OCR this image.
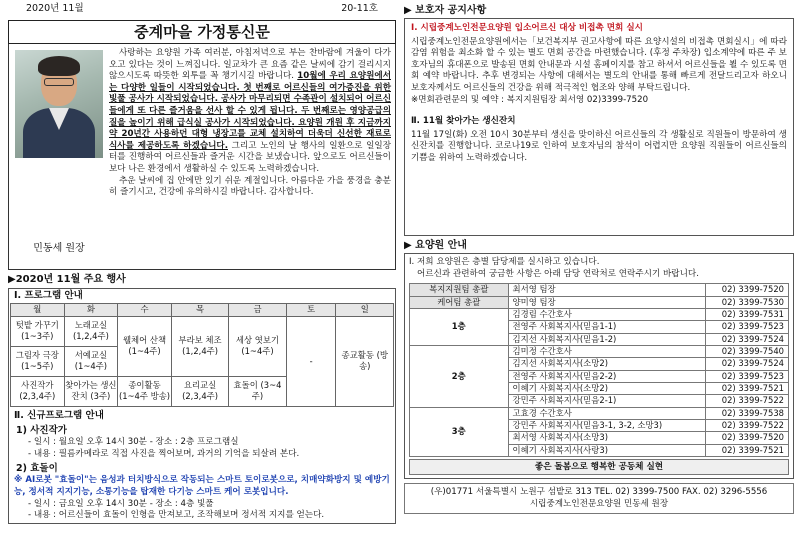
2020년 11월	20-11호
중계마을 가정통신문
민동세 원장

사랑하는 요양원 가족 여러분, 아침저녁으로 부는 찬바람에 겨울이 다가오고 있다는 것이 느껴집니다. 일교차가 큰 요즘 같은 날씨에 감기 걸리시지 않으시도록 따뜻한 외투를 꼭 챙기시길 바랍니다. 10월에 우리 요양원에서는 다양한 일들이 시작되었습니다. 첫 번째로 어르신들의 여가증진을 위한 빛풀 공사가 시작되었습니다. 공사가 마무리되면 수족관이 설치되어 어르신들에게 또 다른 즐거움을 선사 할 수 있게 됩니다. 두 번째로는 영양공급의 질을 높이기 위해 급식실 공사가 시작되었습니다. 요양원 개원 후 지금까지 약 20년간 사용하던 대형 냉장고를 교체 설치하여 더욱더 신선한 재료로 식사를 제공하도록 하겠습니다. 그리고 노인의 날 행사의 일환으로 일일장터를 진행하여 어르신들과 즐거운 시간을 보냈습니다. 앞으로도 어르신들이 보다 나은 환경에서 생활하실 수 있도록 노력하겠습니다.

추운 날씨에 집 안에만 있기 쉬운 계절입니다. 아름다운 가을 풍경을 충분히 즐기시고, 건강에 유의하시길 바랍니다. 감사합니다.

▶2020년 11월 주요 행사
Ⅰ. 프로그램 안내
월	화	수	목	금	토	일
텃밭 가꾸기 (1~3주)	노래교실 (1,2,4주)	웰체어 산책 (1~4주)	부라보 체조 (1,2,4주)	세상 엿보기 (1~4주)	-	종교활동 (방송)
그림자 극장 (1~5주)	서예교실 (1~4주)					
사진작가 (2,3,4주)	찾아가는 생신잔치 (3주)	종이활동 (1~4주 방송)	요리교실 (2,3,4주)	효돌이 (3~4주)		
Ⅱ. 신규프로그램 안내
1) 사진작가
- 일시 : 월요일 오후 14시 30분 - 장소 : 2층 프로그램실
- 내용 : 필름카메라로 직접 사진을 찍어보며, 과거의 기억을 되살려 본다.
2) 효돌이
※ AI로봇 "효돌이"는 음성과 터치방식으로 작동되는 스마트 토이로봇으로, 치매약화방지 및 예방기능, 정서적 지지기능, 소통기능을 탑재한 다기능 스마트 케어 로봇입니다.
- 일시 : 금요일 오후 14시 30분 - 장소 : 4층 빛풀
- 내용 : 어르신들이 효돌이 인형을 만져보고, 조작해보며 정서적 지지를 얻는다.
▶ 보호자 공지사항
Ⅰ. 시립중계노인전문요양원 입소어르신 대상 비접촉 면회 실시
시립중계노인전문요양원에서는「보건복지부 권고사항에 따른 요양시설의 비접촉 면회실시」에 따라 감염 위험을 최소화 할 수 있는 별도 면회 공간을 마련했습니다. (후정 주차장) 입소계약에 따른 주 보호자님의 휴대폰으로 발송된 면회 안내문과 시설 홈페이지를 참고 하셔서 어르신들을 뵐 수 있도록 면회 예약 바랍니다. 추후 변경되는 사항에 대해서는 별도의 안내를 통해 빠르게 전달드리고자 하오니 보호자께서도 어르신들의 건강을 위해 적극적인 협조와 양해 부탁드립니다.
※면회관련문의 및 예약 : 복지지원팀장 최서영 02)3399-7520
Ⅱ. 11월 찾아가는 생신잔치
11월 17일(화) 오전 10시 30분부터 생신을 맞이하신 어르신들의 각 생활실로 직원들이 방문하여 생신잔치를 진행합니다. 코로나19로 인하여 보호자님의 참석이 어렵지만 요양원 직원들이 어르신들의 기쁨을 위하여 노력하겠습니다.
▶ 요양원 안내
Ⅰ. 저희 요양원은 층별 담당제를 실시하고 있습니다.
어르신과 관련하여 궁금한 사항은 아래 담당 연락처로 연락주시기 바랍니다.
복지지원팀 총괄	최서영 팀장	02) 3399-7520
케어팀 총괄	양미영 팀장	02) 3399-7530
1층	김경림 수간호사	02) 3399-7531
	전영주 사회복지사(믿음1-1)	02) 3399-7523
	김지선 사회복지사(믿음1-2)	02) 3399-7524
2층	김미정 수간호사	02) 3399-7540
	김지선 사회복지사(소망2)	02) 3399-7524
	전영주 사회복지사(믿음2-2)	02) 3399-7523
	이혜기 사회복지사(소망2)	02) 3399-7521
	강민주 사회복지사(믿음2-1)	02) 3399-7522
3층	고효경 수간호사	02) 3399-7538
	강민주 사회복지사(믿음3-1, 3-2, 소망3)	02) 3399-7522
	최서영 사회복지사(소망3)	02) 3399-7520
	이혜기 사회복지사(사랑3)	02) 3399-7521
좋은 돌봄으로 행복한 공동체 실현
(우)01771 서울특별시 노원구 섬밭로 313 TEL. 02) 3399-7500 FAX. 02) 3296-5556
시립중계노인전문요양원 민동세 원장
